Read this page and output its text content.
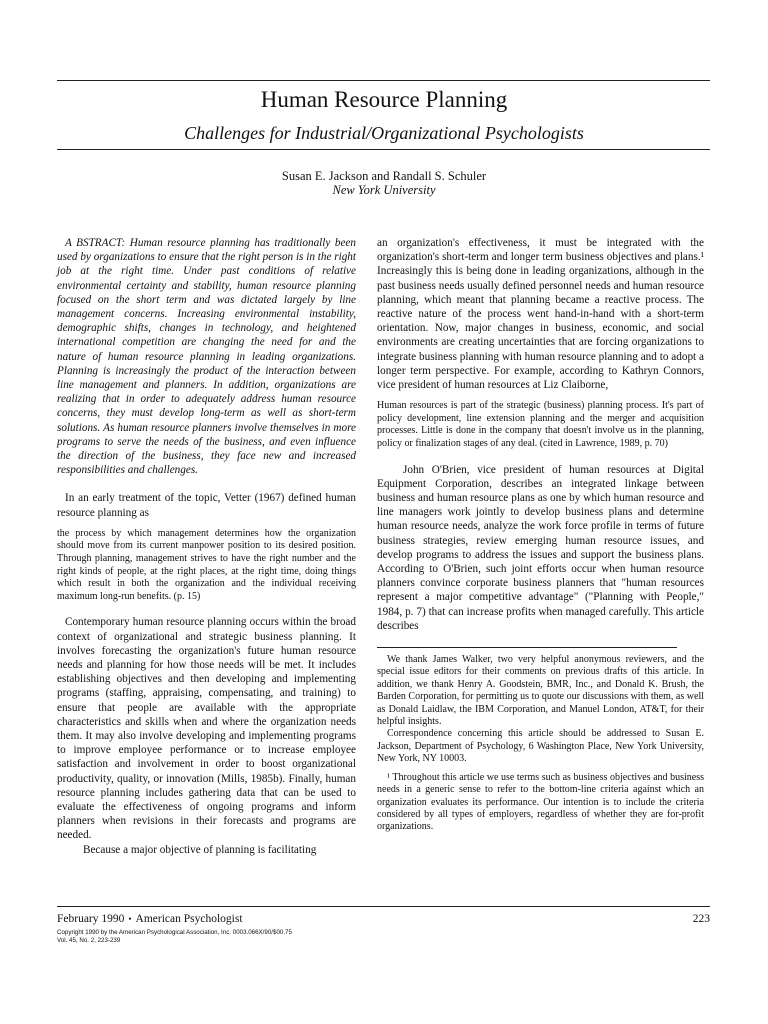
Human Resource Planning
Challenges for Industrial/Organizational Psychologists
Susan E. Jackson and Randall S. Schuler
New York University

A BSTRACT: Human resource planning has traditionally been used by organizations to ensure that the right person is in the right job at the right time. Under past conditions of relative environmental certainty and stability, human resource planning focused on the short term and was dictated largely by line management concerns. Increasing environmental instability, demographic shifts, changes in technology, and heightened international competition are changing the need for and the nature of human resource planning in leading organizations. Planning is increasingly the product of the interaction between line management and planners. In addition, organizations are realizing that in order to adequately address human resource concerns, they must develop long-term as well as short-term solutions. As human resource planners involve themselves in more programs to serve the needs of the business, and even influence the direction of the business, they face new and increased responsibilities and challenges.

In an early treatment of the topic, Vetter (1967) defined human resource planning as

the process by which management determines how the organization should move from its current manpower position to its desired position. Through planning, management strives to have the right number and the right kinds of people, at the right places, at the right time, doing things which result in both the organization and the individual receiving maximum long-run benefits. (p. 15)

Contemporary human resource planning occurs within the broad context of organizational and strategic business planning. It involves forecasting the organization's future human resource needs and planning for how those needs will be met. It includes establishing objectives and then developing and implementing programs (staffing, appraising, compensating, and training) to ensure that people are available with the appropriate characteristics and skills when and where the organization needs them. It may also involve developing and implementing programs to improve employee performance or to increase employee satisfaction and involvement in order to boost organizational productivity, quality, or innovation (Mills, 1985b). Finally, human resource planning includes gathering data that can be used to evaluate the effectiveness of ongoing programs and inform planners when revisions in their forecasts and programs are needed.

Because a major objective of planning is facilitating

an organization's effectiveness, it must be integrated with the organization's short-term and longer term business objectives and plans.¹ Increasingly this is being done in leading organizations, although in the past business needs usually defined personnel needs and human resource planning, which meant that planning became a reactive process. The reactive nature of the process went hand-in-hand with a short-term orientation. Now, major changes in business, economic, and social environments are creating uncertainties that are forcing organizations to integrate business planning with human resource planning and to adopt a longer term perspective. For example, according to Kathryn Connors, vice president of human resources at Liz Claiborne,

Human resources is part of the strategic (business) planning process. It's part of policy development, line extension planning and the merger and acquisition processes. Little is done in the company that doesn't involve us in the planning, policy or finalization stages of any deal. (cited in Lawrence, 1989, p. 70)

John O'Brien, vice president of human resources at Digital Equipment Corporation, describes an integrated linkage between business and human resource plans as one by which human resource and line managers work jointly to develop business plans and determine human resource needs, analyze the work force profile in terms of future business strategies, review emerging human resource issues, and develop programs to address the issues and support the business plans. According to O'Brien, such joint efforts occur when human resource planners convince corporate business planners that "human resources represent a major competitive advantage" ("Planning with People," 1984, p. 7) that can increase profits when managed carefully. This article describes

We thank James Walker, two very helpful anonymous reviewers, and the special issue editors for their comments on previous drafts of this article. In addition, we thank Henry A. Goodstein, BMR, Inc., and Donald K. Brush, the Barden Corporation, for permitting us to quote our discussions with them, as well as Donald Laidlaw, the IBM Corporation, and Manuel London, AT&T, for their helpful insights.

Correspondence concerning this article should be addressed to Susan E. Jackson, Department of Psychology, 6 Washington Place, New York University, New York, NY 10003.

¹ Throughout this article we use terms such as business objectives and business needs in a generic sense to refer to the bottom-line criteria against which an organization evaluates its performance. Our intention is to include the criteria considered by all types of employers, regardless of whether they are for-profit organizations.

February 1990 • American Psychologist	223
Copyright 1990 by the American Psychological Association, Inc. 0003.066X/90/$00.75
Vol. 45, No. 2, 223-239
